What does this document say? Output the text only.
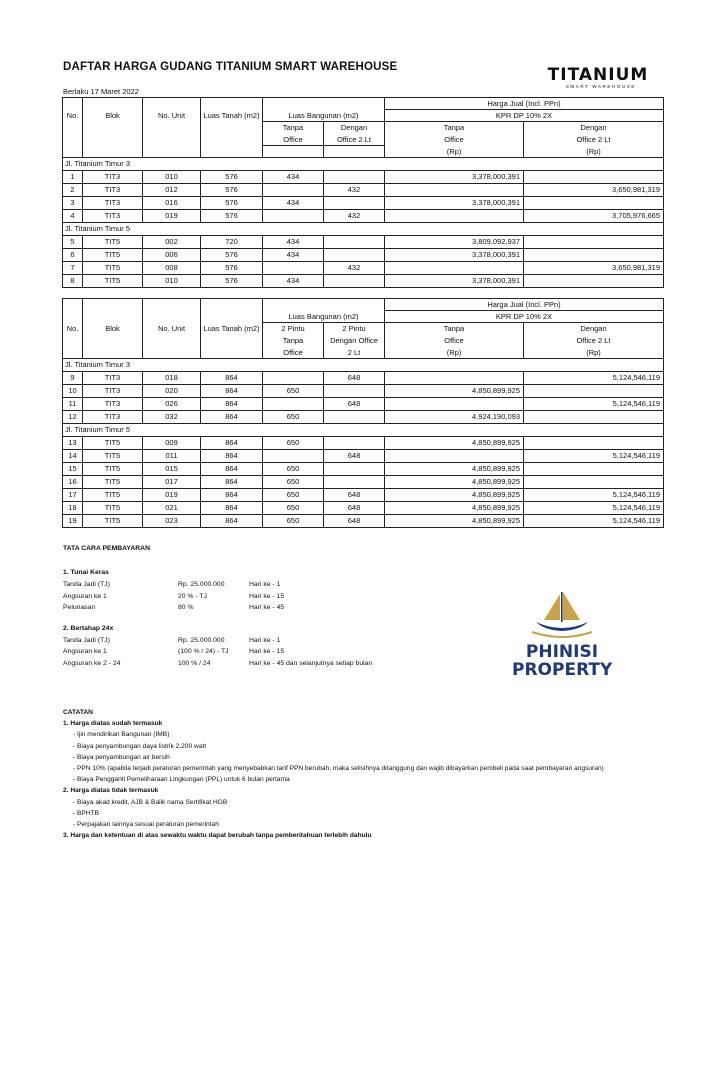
DAFTAR HARGA GUDANG TITANIUM SMART WAREHOUSE
Berlaku 17 Maret 2022
TITANIUM
SMART WAREHOUSE
						Harga Jual (Incl. PPn)	
No.	Blok	No. Unit	Luas Tanah (m2)	Luas Bangunan (m2)		KPR DP 10% 2X	
				Tanpa	Dengan	Tanpa	Dengan
				Office	Office 2 Lt	Office	Office 2 Lt
						(Rp)	(Rp)
Jl. Titanium Timur 3							
1	TIT3	010	576	434		3,378,000,391	
2	TIT3	012	576		432		3,650,981,319
3	TIT3	016	576	434		3,378,000,391	
4	TIT3	019	576		432		3,705,976,665
Jl. Titanium Timur 5							
5	TIT5	002	720	434		3,809,092,937	
6	TIT5	006	576	434		3,378,000,391	
7	TIT5	008	576		432		3,650,981,319
8	TIT5	010	576	434		3,378,000,391	
						Harga Jual (Incl. PPn)	
				Luas Bangunan (m2)		KPR DP 10% 2X	
No.	Blok	No. Unit	Luas Tanah (m2)	2 Pintu	2 Pintu	Tanpa	Dengan
				Tanpa	Dengan Office	Office	Office 2 Lt
				Office	2 Lt	(Rp)	(Rp)
Jl. Titanium Timur 3							
9	TIT3	018	864		648		5,124,546,119
10	TIT3	020	864	650		4,850,899,925	
11	TIT3	026	864		648		5,124,546,119
12	TIT3	032	864	650		4,924,190,093	
Jl. Titanium Timur 5							
13	TIT5	009	864	650		4,850,899,925	
14	TIT5	011	864		648		5,124,546,119
15	TIT5	015	864	650		4,850,899,925	
16	TIT5	017	864	650		4,850,899,925	
17	TIT5	019	864	650	648	4,850,899,925	5,124,546,119
18	TIT5	021	864	650	648	4,850,899,925	5,124,546,119
19	TIT5	023	864	650	648	4,850,899,925	5,124,546,119
TATA CARA PEMBAYARAN
1. Tunai Keras
Tanda Jadi (TJ)	Rp. 25.000.000	Hari ke - 1
Angsuran ke 1	20 % - TJ	Hari ke - 15
Pelunasan	80 %	Hari ke - 45
2. Bertahap 24x
Tanda Jadi (TJ)	Rp. 25.000.000	Hari ke - 1
Angsuran ke 1	(100 % / 24) - TJ	Hari ke - 15
Angsuran ke 2 - 24	100 % / 24	Hari ke - 45 dan selanjutnya setiap bulan
PHINISI
PROPERTY
CATATAN
1. Harga diatas sudah termasuk
- Ijin mendirikan Bangunan (IMB)
- Biaya penyambungan daya listrik 2.200 watt
- Biaya penyambungan air bersih
- PPN 10% (apabila terjadi peraturan pemerintah yang menyebabkan tarif PPN berubah, maka selisihnya ditanggung dan wajib dibayarkan pembeli pada saat pembayaran angsuran)
- Biaya Pengganti Pemeliharaan Lingkungan (PPL) untuk 6 bulan pertama
2. Harga diatas tidak termasuk
- Biaya akad kredit, AJB & Balik nama Sertifikat HGB
- BPHTB
- Perpajakan lainnya sesuai peraturan pemerintah
3. Harga dan ketentuan di atas sewaktu waktu dapat berubah tanpa pemberitahuan terlebih dahulu
